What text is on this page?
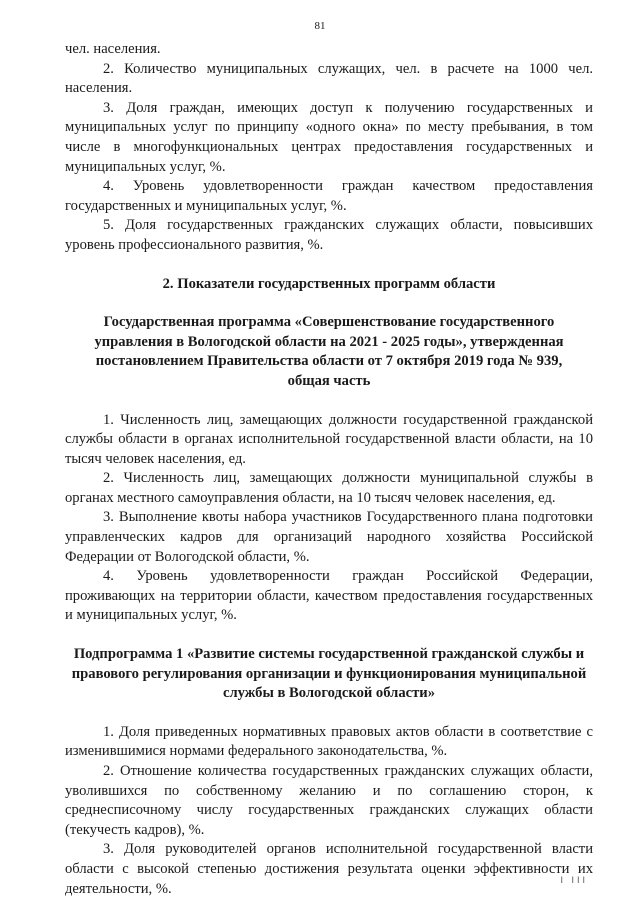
81

чел. населения.

2. Количество муниципальных служащих, чел. в расчете на 1000 чел. населения.

3. Доля граждан, имеющих доступ к получению государственных и муниципальных услуг по принципу «одного окна» по месту пребывания, в том числе в многофункциональных центрах предоставления государственных и муниципальных услуг, %.

4. Уровень удовлетворенности граждан качеством предоставления государственных и муниципальных услуг, %.

5. Доля государственных гражданских служащих области, повысивших уровень профессионального развития, %.

2. Показатели государственных программ области

Государственная программа «Совершенствование государственного управления в Вологодской области на 2021 - 2025 годы», утвержденная постановлением Правительства области от 7 октября 2019 года № 939, общая часть

1. Численность лиц, замещающих должности государственной гражданской службы области в органах исполнительной государственной власти области, на 10 тысяч человек населения, ед.

2. Численность лиц, замещающих должности муниципальной службы в органах местного самоуправления области, на 10 тысяч человек населения, ед.

3. Выполнение квоты набора участников Государственного плана подготовки управленческих кадров для организаций народного хозяйства Российской Федерации от Вологодской области, %.

4. Уровень удовлетворенности граждан Российской Федерации, проживающих на территории области, качеством предоставления государственных и муниципальных услуг, %.

Подпрограмма 1 «Развитие системы государственной гражданской службы и правового регулирования организации и функционирования муниципальной службы в Вологодской области»

1. Доля приведенных нормативных правовых актов области в соответствие с изменившимися нормами федерального законодательства, %.

2. Отношение количества государственных гражданских служащих области, уволившихся по собственному желанию и по соглашению сторон, к среднесписочному числу государственных гражданских служащих области (текучесть кадров), %.

3. Доля руководителей органов исполнительной государственной власти области с высокой степенью достижения результата оценки эффективности их деятельности, %.

I III
